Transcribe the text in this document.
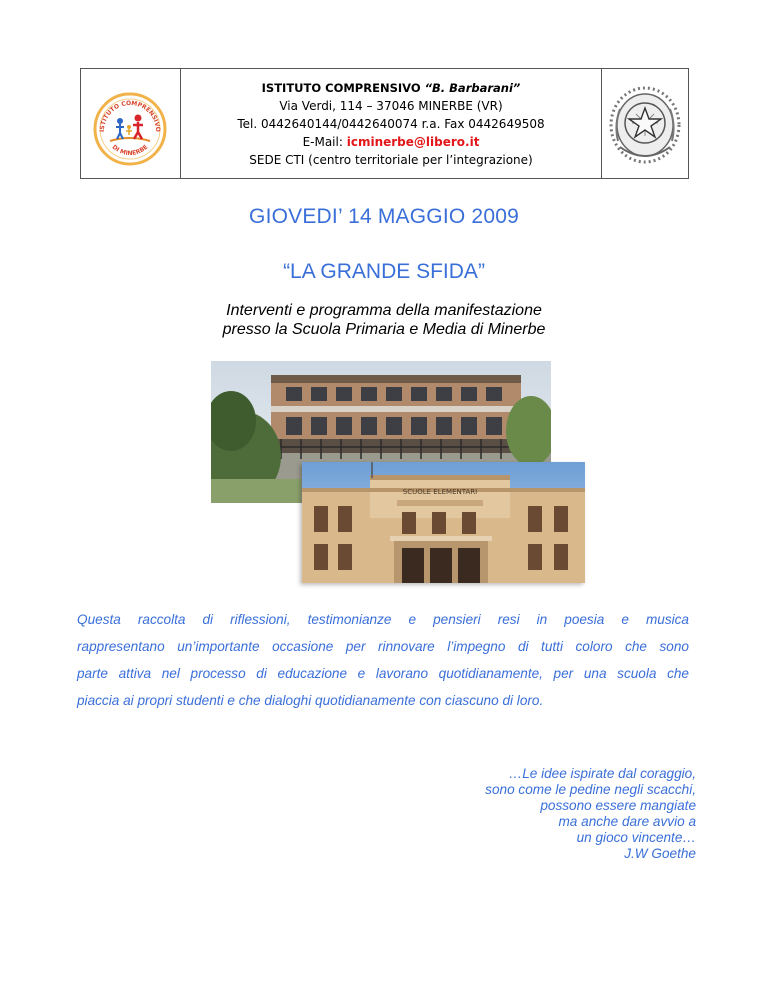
ISTITUTO COMPRENSIVO
DI MINERBE
ISTITUTO COMPRENSIVO “B. Barbarani”
Via Verdi, 114 – 37046 MINERBE (VR)
Tel. 0442640144/0442640074 r.a. Fax 0442649508
E-Mail: icminerbe@libero.it
SEDE CTI (centro territoriale per l’integrazione)
GIOVEDI’ 14 MAGGIO 2009
“LA GRANDE SFIDA”
Interventi e programma della manifestazione
presso la Scuola Primaria e Media di Minerbe
SCUOLE ELEMENTARI
Questa raccolta di riflessioni, testimonianze e pensieri resi in poesia e musica
rappresentano un’importante occasione per rinnovare l’impegno di tutti coloro che sono
parte attiva nel processo di educazione e lavorano quotidianamente, per una scuola che
piaccia ai propri studenti e che dialoghi quotidianamente con ciascuno di loro.
…Le idee ispirate dal coraggio,
sono come le pedine negli scacchi,
possono essere mangiate
ma anche dare avvio a
un gioco vincente…
J.W Goethe
